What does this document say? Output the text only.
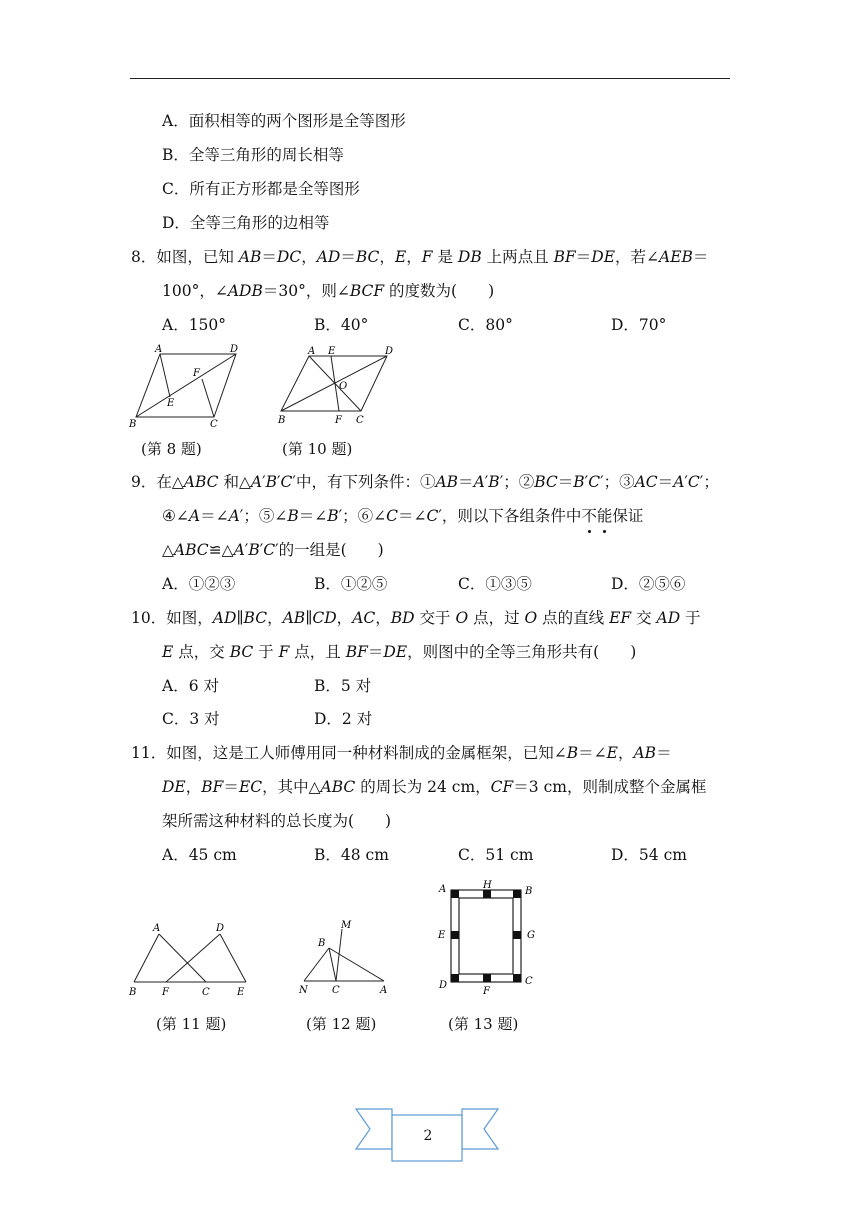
A．面积相等的两个图形是全等图形
B．全等三角形的周长相等
C．所有正方形都是全等图形
D．全等三角形的边相等
8．如图，已知 AB＝DC，AD＝BC，E，F 是 DB 上两点且 BF＝DE，若∠AEB＝
100°，∠ADB＝30°，则∠BCF 的度数为(　　)
A．150°	B．40°	C．80°	D．70°
A	D
F
E
B	C
A E	D
O
B	F C
(第 8 题)	(第 10 题)
9．在△ABC 和△A′B′C′中，有下列条件：①AB＝A′B′；②BC＝B′C′；③AC＝A′C′；
④∠A＝∠A′；⑤∠B＝∠B′；⑥∠C＝∠C′，则以下各组条件中不能保证
△ABC≌△A′B′C′的一组是(　　)
A．①②③	B．①②⑤	C．①③⑤	D．②⑤⑥
10．如图，AD∥BC，AB∥CD，AC，BD 交于 O 点，过 O 点的直线 EF 交 AD 于
E 点，交 BC 于 F 点，且 BF＝DE，则图中的全等三角形共有(　　)
A．6 对	B．5 对
C．3 对	D．2 对
11．如图，这是工人师傅用同一种材料制成的金属框架，已知∠B＝∠E，AB＝
DE，BF＝EC，其中△ABC 的周长为 24 cm，CF＝3 cm，则制成整个金属框
架所需这种材料的总长度为(　　)
A．45 cm	B．48 cm	C．51 cm	D．54 cm
A	D
B	F	C	E
M
B
N C	A
A	H
B
E	G
D
F
C
(第 11 题)	(第 12 题)	(第 13 题)
2
